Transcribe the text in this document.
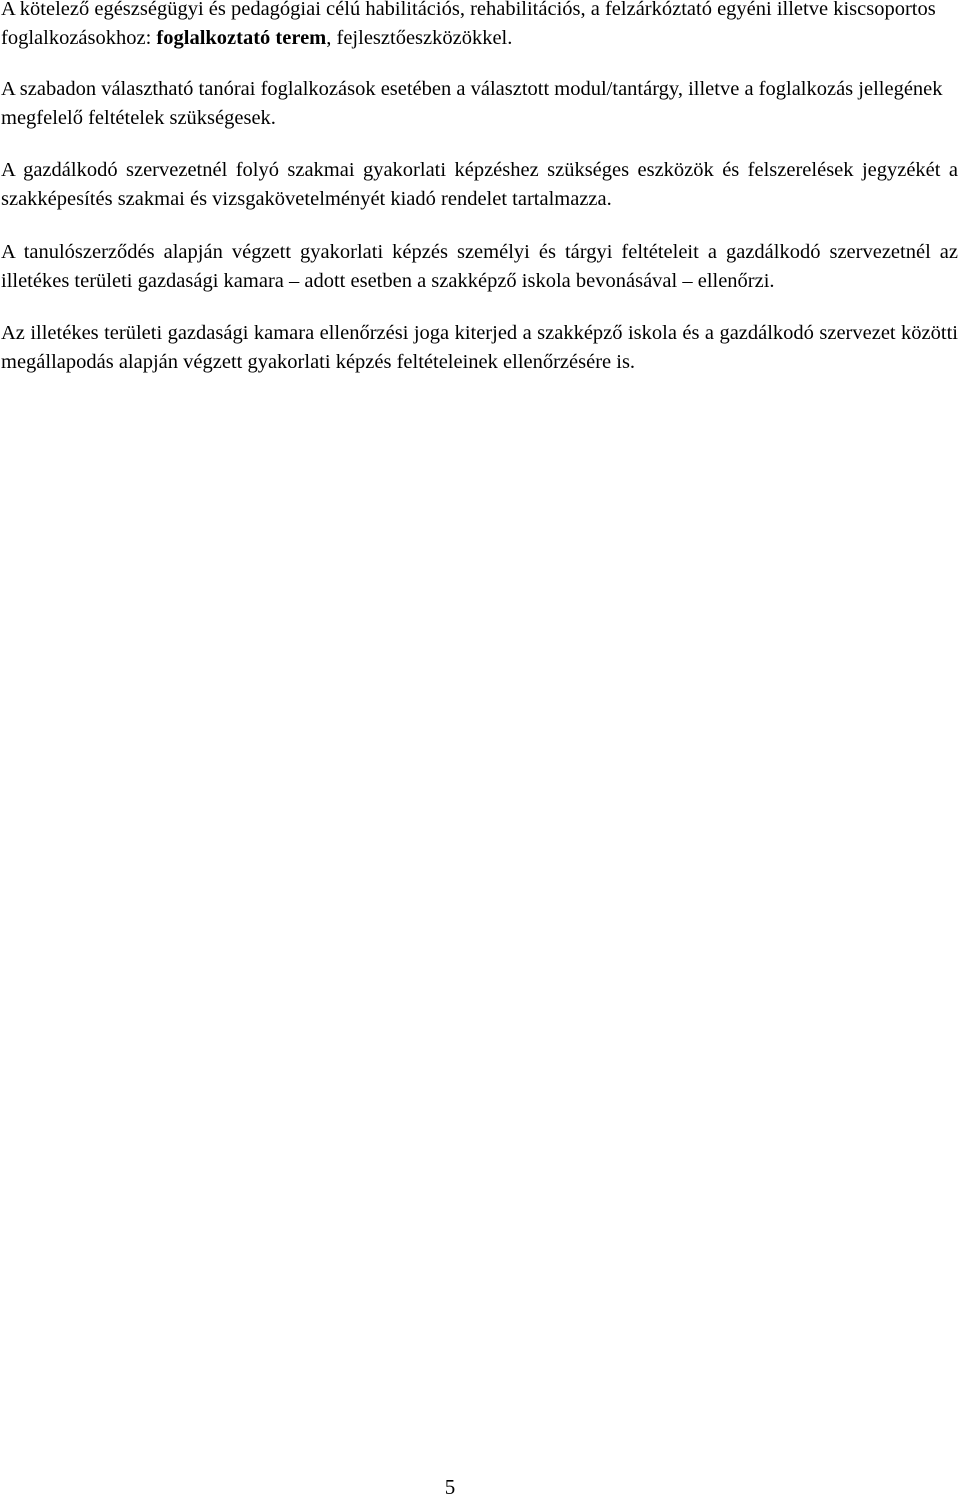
A kötelező egészségügyi és pedagógiai célú habilitációs, rehabilitációs, a felzárkóztató egyéni illetve kiscsoportos foglalkozásokhoz: foglalkoztató terem, fejlesztőeszközökkel.

A szabadon választható tanórai foglalkozások esetében a választott modul/tantárgy, illetve a foglalkozás jellegének megfelelő feltételek szükségesek.

A gazdálkodó szervezetnél folyó szakmai gyakorlati képzéshez szükséges eszközök és felszerelések jegyzékét a szakképesítés szakmai és vizsgakövetelményét kiadó rendelet tartalmazza.

A tanulószerződés alapján végzett gyakorlati képzés személyi és tárgyi feltételeit a gazdálkodó szervezetnél az illetékes területi gazdasági kamara – adott esetben a szakképző iskola bevonásával – ellenőrzi.

Az illetékes területi gazdasági kamara ellenőrzési joga kiterjed a szakképző iskola és a gazdálkodó szervezet közötti megállapodás alapján végzett gyakorlati képzés feltételeinek ellenőrzésére is.

5
